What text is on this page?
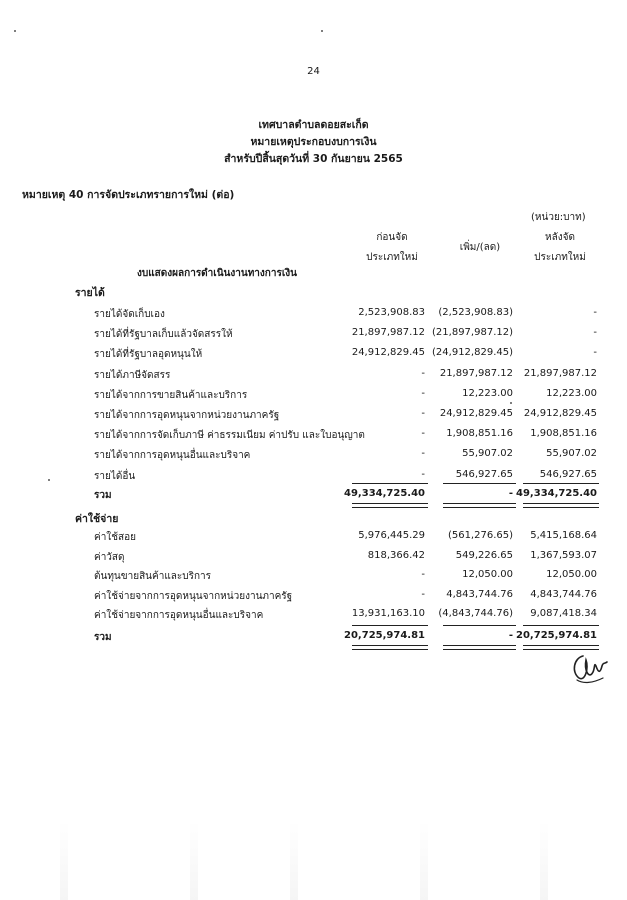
24
เทศบาลตำบลดอยสะเก็ด
หมายเหตุประกอบงบการเงิน
สำหรับปีสิ้นสุดวันที่ 30 กันยายน 2565
หมายเหตุ 40 การจัดประเภทรายการใหม่ (ต่อ)
(หน่วย:บาท)
ก่อนจัด
ประเภทใหม่
เพิ่ม/(ลด)
หลังจัด
ประเภทใหม่
งบแสดงผลการดำเนินงานทางการเงิน
รายได้
รายได้จัดเก็บเอง	2,523,908.83 (2,523,908.83)	-
รายได้ที่รัฐบาลเก็บแล้วจัดสรรให้	21,897,987.12 (21,897,987.12)	-
รายได้ที่รัฐบาลอุดหนุนให้	24,912,829.45 (24,912,829.45)	-
รายได้ภาษีจัดสรร	- 21,897,987.12 21,897,987.12
รายได้จากการขายสินค้าและบริการ	-	12,223.00	12,223.00
รายได้จากการอุดหนุนจากหน่วยงานภาครัฐ	- 24,912,829.45 24,912,829.45
รายได้จากการจัดเก็บภาษี ค่าธรรมเนียม ค่าปรับ และใบอนุญาต	- 1,908,851.16 1,908,851.16
รายได้จากการอุดหนุนอื่นและบริจาค	-	55,907.02	55,907.02
รายได้อื่น	-	546,927.65	546,927.65
รวม	49,334,725.40	- 49,334,725.40
ค่าใช้จ่าย
ค่าใช้สอย	5,976,445.29 (561,276.65) 5,415,168.64
ค่าวัสดุ	818,366.42	549,226.65 1,367,593.07
ต้นทุนขายสินค้าและบริการ	-	12,050.00	12,050.00
ค่าใช้จ่ายจากการอุดหนุนจากหน่วยงานภาครัฐ	- 4,843,744.76 4,843,744.76
ค่าใช้จ่ายจากการอุดหนุนอื่นและบริจาค	13,931,163.10 (4,843,744.76) 9,087,418.34
รวม	20,725,974.81	- 20,725,974.81
